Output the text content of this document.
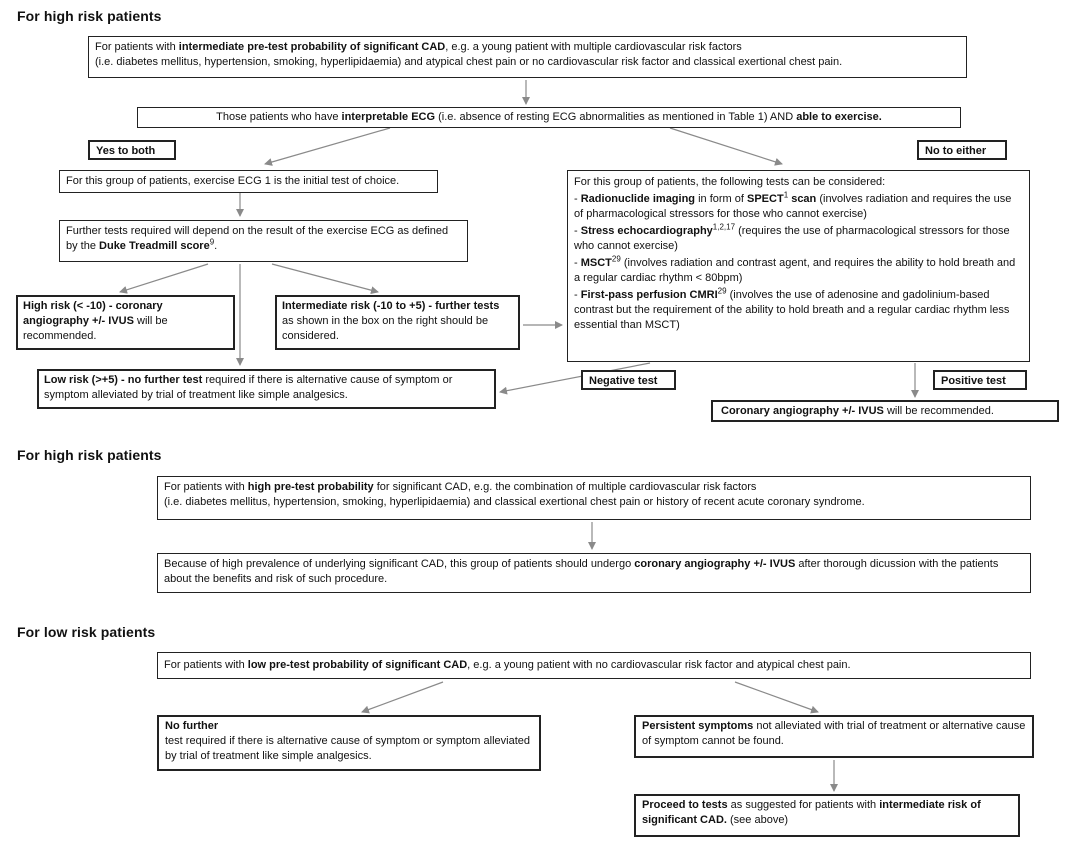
For high risk patients
For patients with intermediate pre-test probability of significant CAD, e.g. a young patient with multiple cardiovascular risk factors
(i.e. diabetes mellitus, hypertension, smoking, hyperlipidaemia) and atypical chest pain or no cardiovascular risk factor and classical exertional chest pain.
Those patients who have interpretable ECG (i.e. absence of resting ECG abnormalities as mentioned in Table 1) AND able to exercise.
Yes to both	No to either
For this group of patients, exercise ECG 1 is the initial test of choice.
Further tests required will depend on the result of the exercise ECG as defined by the Duke Treadmill score$^9$.
High risk (< -10) - coronary angiography +/- IVUS will be recommended.
Intermediate risk (-10 to +5) - further tests as shown in the box on the right should be considered.
Low risk (>+5) - no further test required if there is alternative cause of symptom or symptom alleviated by trial of treatment like simple analgesics.
For this group of patients, the following tests can be considered:
- Radionuclide imaging in form of SPECT$^1$ scan (involves radiation and requires the use of pharmacological stressors for those who cannot exercise)
- Stress echocardiography$^{1,2,17}$ (requires the use of pharmacological stressors for those who cannot exercise)
- MSCT$^{29}$ (involves radiation and contrast agent, and requires the ability to hold breath and a regular cardiac rhythm < 80bpm)
- First-pass perfusion CMRI$^{29}$ (involves the use of adenosine and gadolinium-based contrast but the requirement of the ability to hold breath and a regular cardiac rhythm less essential than MSCT)
Negative test	Positive test
Coronary angiography +/- IVUS will be recommended.
For high risk patients
For patients with high pre-test probability for significant CAD, e.g. the combination of multiple cardiovascular risk factors
(i.e. diabetes mellitus, hypertension, smoking, hyperlipidaemia) and classical exertional chest pain or history of recent acute coronary syndrome.
Because of high prevalence of underlying significant CAD, this group of patients should undergo coronary angiography +/- IVUS after thorough dicussion with the patients about the benefits and risk of such procedure.
For low risk patients
For patients with low pre-test probability of significant CAD, e.g. a young patient with no cardiovascular risk factor and atypical chest pain.
No further
test required if there is alternative cause of symptom or symptom alleviated by trial of treatment like simple analgesics.
Persistent symptoms not alleviated with trial of treatment or alternative cause of symptom cannot be found.
Proceed to tests as suggested for patients with intermediate risk of significant CAD. (see above)
